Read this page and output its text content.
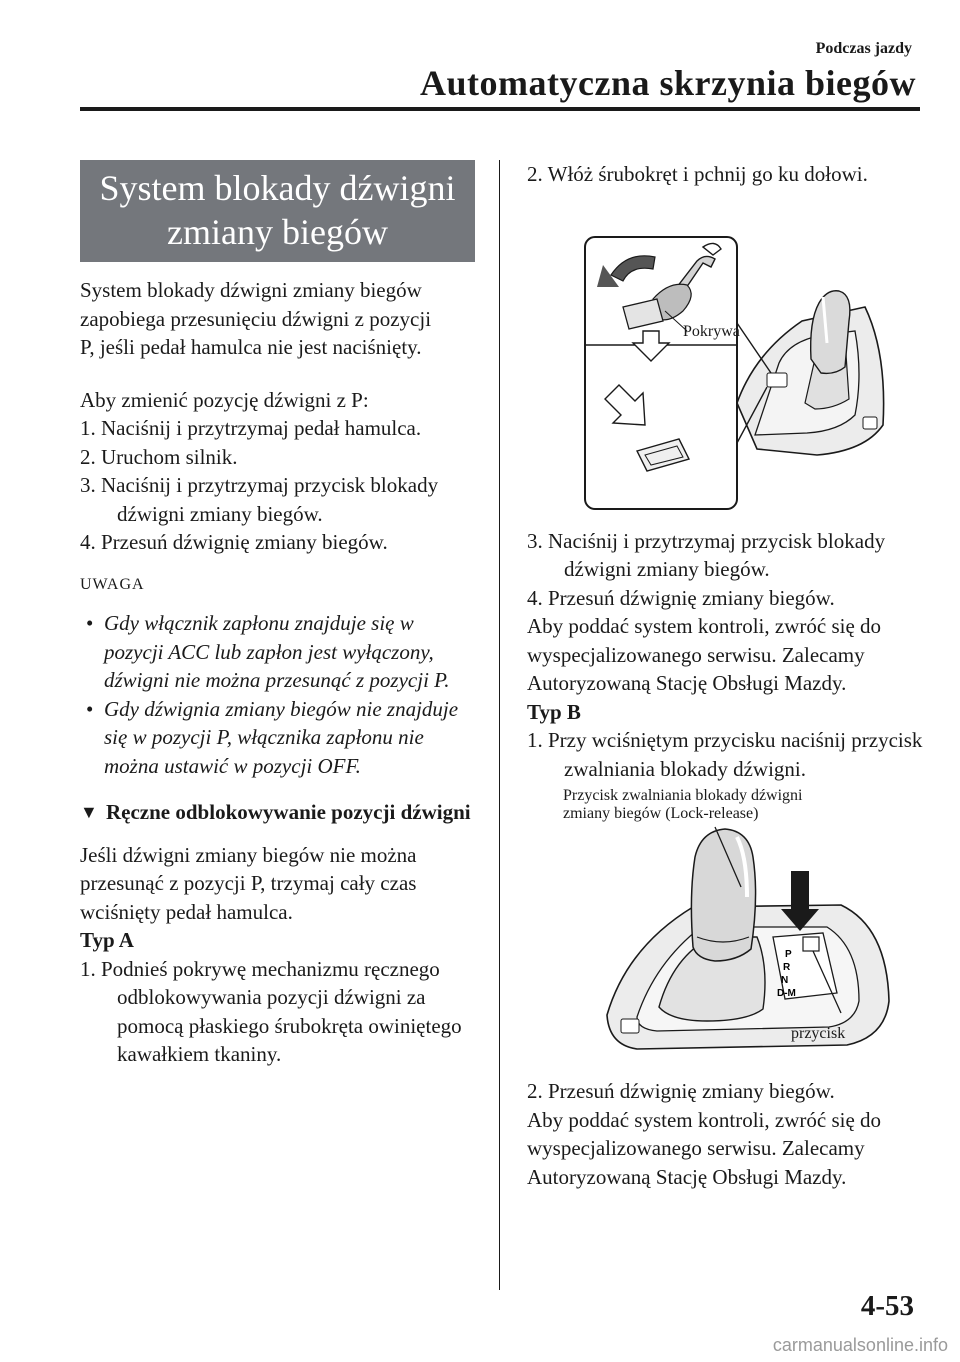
Podczas jazdy
Automatyczna skrzynia biegów
System blokady dźwigni
zmiany biegów

System blokady dźwigni zmiany biegów

zapobiega przesunięciu dźwigni z pozycji

P, jeśli pedał hamulca nie jest naciśnięty.

Aby zmienić pozycję dźwigni z P:

1. Naciśnij i przytrzymaj pedał hamulca.

2. Uruchom silnik.

3. Naciśnij i przytrzymaj przycisk blokady dźwigni zmiany biegów.

4. Przesuń dźwignię zmiany biegów.

UWAGA
• Gdy włącznik zapłonu znajduje się w pozycji ACC lub zapłon jest wyłączony, dźwigni nie można przesunąć z pozycji P.
• Gdy dźwignia zmiany biegów nie znajduje się w pozycji P, włącznika zapłonu nie można ustawić w pozycji OFF.
▼ Ręczne odblokowywanie pozycji dźwigni

Jeśli dźwigni zmiany biegów nie można

przesunąć z pozycji P, trzymaj cały czas

wciśnięty pedał hamulca.

Typ A

1. Podnieś pokrywę mechanizmu ręcznego odblokowywania pozycji dźwigni za pomocą płaskiego śrubokręta owiniętego kawałkiem tkaniny.

2. Włóż śrubokręt i pchnij go ku dołowi.

Pokrywa

3. Naciśnij i przytrzymaj przycisk blokady dźwigni zmiany biegów.

4. Przesuń dźwignię zmiany biegów.

Aby poddać system kontroli, zwróć się do wyspecjalizowanego serwisu. Zalecamy Autoryzowaną Stację Obsługi Mazdy.

Typ B

1. Przy wciśniętym przycisku naciśnij przycisk zwalniania blokady dźwigni.

Przycisk zwalniania blokady dźwigni
zmiany biegów (Lock-release)
P
R
N
D-M
przycisk

2. Przesuń dźwignię zmiany biegów.

Aby poddać system kontroli, zwróć się do wyspecjalizowanego serwisu. Zalecamy Autoryzowaną Stację Obsługi Mazdy.

4-53
carmanualsonline.info
